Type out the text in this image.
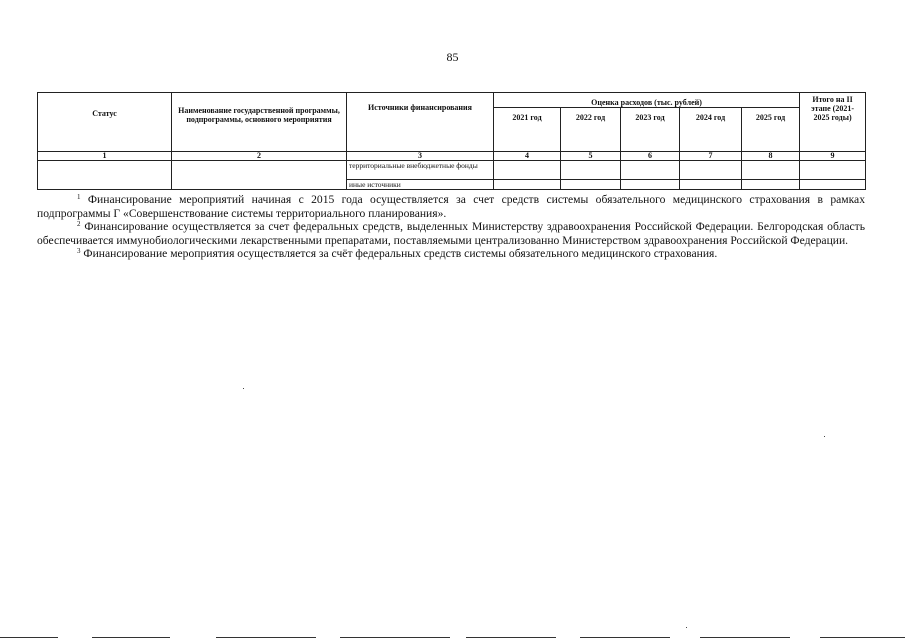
85
Статус	Наименование государственной программы, подпрограммы, основного мероприятия	Источники финансирования	Оценка расходов (тыс. рублей)					Итого на II этапе (2021-2025 годы)
			2021 год	2022 год	2023 год	2024 год	2025 год	
1	2	3	4	5	6	7	8	9
		территориальные внебюджетные фонды						
		иные источники						

$^1$ Финансирование мероприятий начиная с 2015 года осуществляется за счет средств системы обязательного медицинского страхования в рамках подпрограммы Г «Совершенствование системы территориального планирования».

$^2$ Финансирование осуществляется за счет федеральных средств, выделенных Министерству здравоохранения Российской Федерации. Белгородская область обеспечивается иммунобиологическими лекарственными препаратами, поставляемыми централизованно Министерством здравоохранения Российской Федерации.

$^3$ Финансирование мероприятия осуществляется за счёт федеральных средств системы обязательного медицинского страхования.
